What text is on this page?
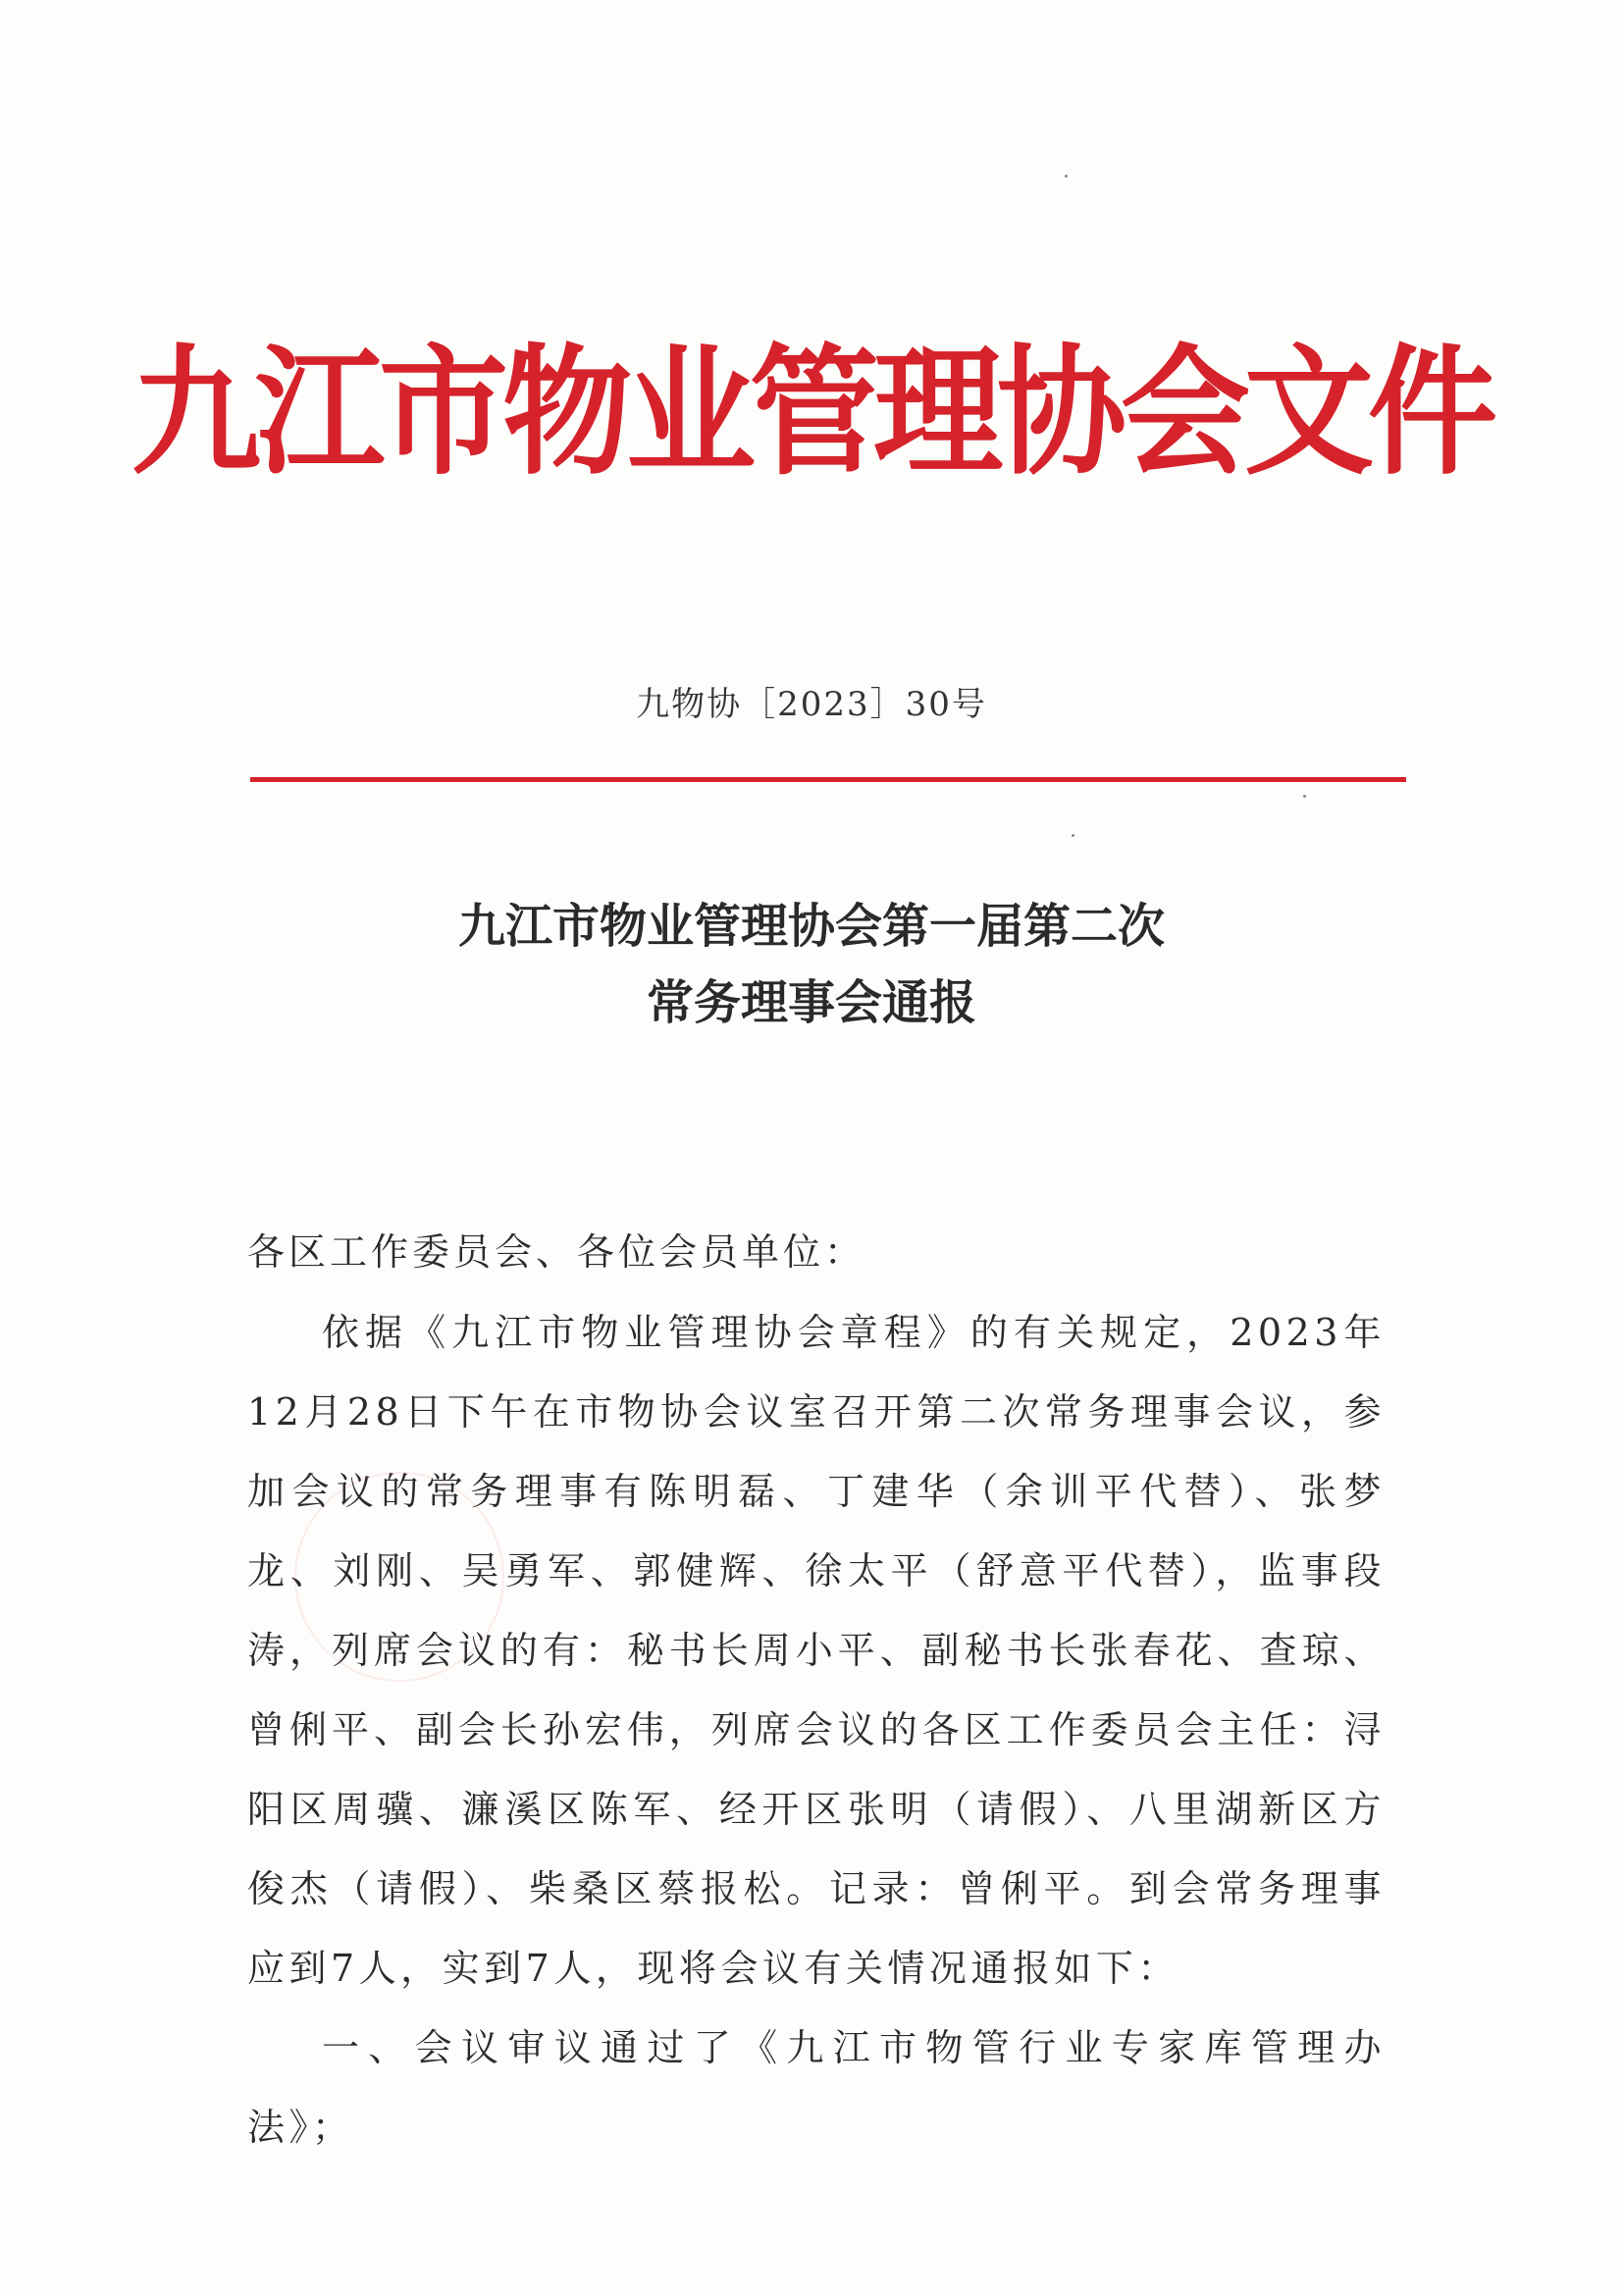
九江市物业管理协会文件
九物协［2023］30号
九江市物业管理协会第一届第二次
常务理事会通报
各区工作委员会、各位会员单位：

依据《九江市物业管理协会章程》的有关规定，2023年12月28日下午在市物协会议室召开第二次常务理事会议，参加会议的常务理事有陈明磊、丁建华（余训平代替）、张梦龙、刘刚、吴勇军、郭健辉、徐太平（舒意平代替），监事段涛，列席会议的有：秘书长周小平、副秘书长张春花、查琼、曾俐平、副会长孙宏伟，列席会议的各区工作委员会主任：浔阳区周骥、濂溪区陈军、经开区张明（请假）、八里湖新区方俊杰（请假）、柴桑区蔡报松。记录：曾俐平。到会常务理事应到7人，实到7人，现将会议有关情况通报如下：

一、会议审议通过了《九江市物管行业专家库管理办法》；
